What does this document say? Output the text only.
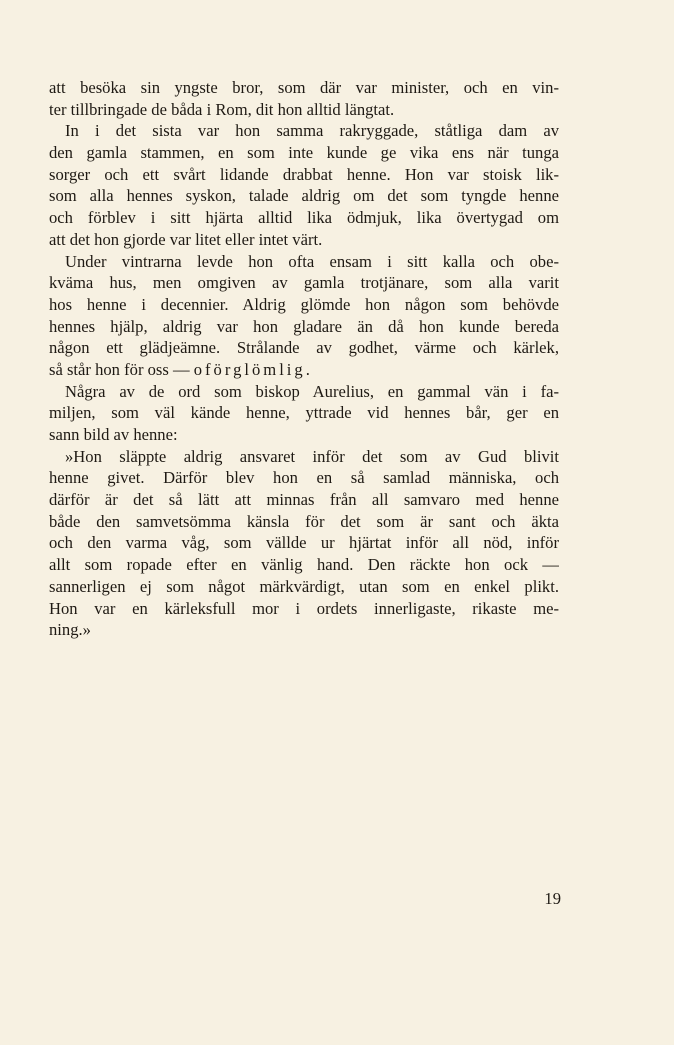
att besöka sin yngste bror, som där var minister, och en vin-
ter tillbringade de båda i Rom, dit hon alltid längtat.
In i det sista var hon samma rakryggade, ståtliga dam av
den gamla stammen, en som inte kunde ge vika ens när tunga
sorger och ett svårt lidande drabbat henne. Hon var stoisk lik-
som alla hennes syskon, talade aldrig om det som tyngde henne
och förblev i sitt hjärta alltid lika ödmjuk, lika övertygad om
att det hon gjorde var litet eller intet värt.
Under vintrarna levde hon ofta ensam i sitt kalla och obe-
kväma hus, men omgiven av gamla trotjänare, som alla varit
hos henne i decennier. Aldrig glömde hon någon som behövde
hennes hjälp, aldrig var hon gladare än då hon kunde bereda
någon ett glädjeämne. Strålande av godhet, värme och kärlek,
så står hon för oss — oförglömlig.
Några av de ord som biskop Aurelius, en gammal vän i fa-
miljen, som väl kände henne, yttrade vid hennes bår, ger en
sann bild av henne:
»Hon släppte aldrig ansvaret inför det som av Gud blivit
henne givet. Därför blev hon en så samlad människa, och
därför är det så lätt att minnas från all samvaro med henne
både den samvetsömma känsla för det som är sant och äkta
och den varma våg, som vällde ur hjärtat inför all nöd, inför
allt som ropade efter en vänlig hand. Den räckte hon ock —
sannerligen ej som något märkvärdigt, utan som en enkel plikt.
Hon var en kärleksfull mor i ordets innerligaste, rikaste me-
ning.»
19
